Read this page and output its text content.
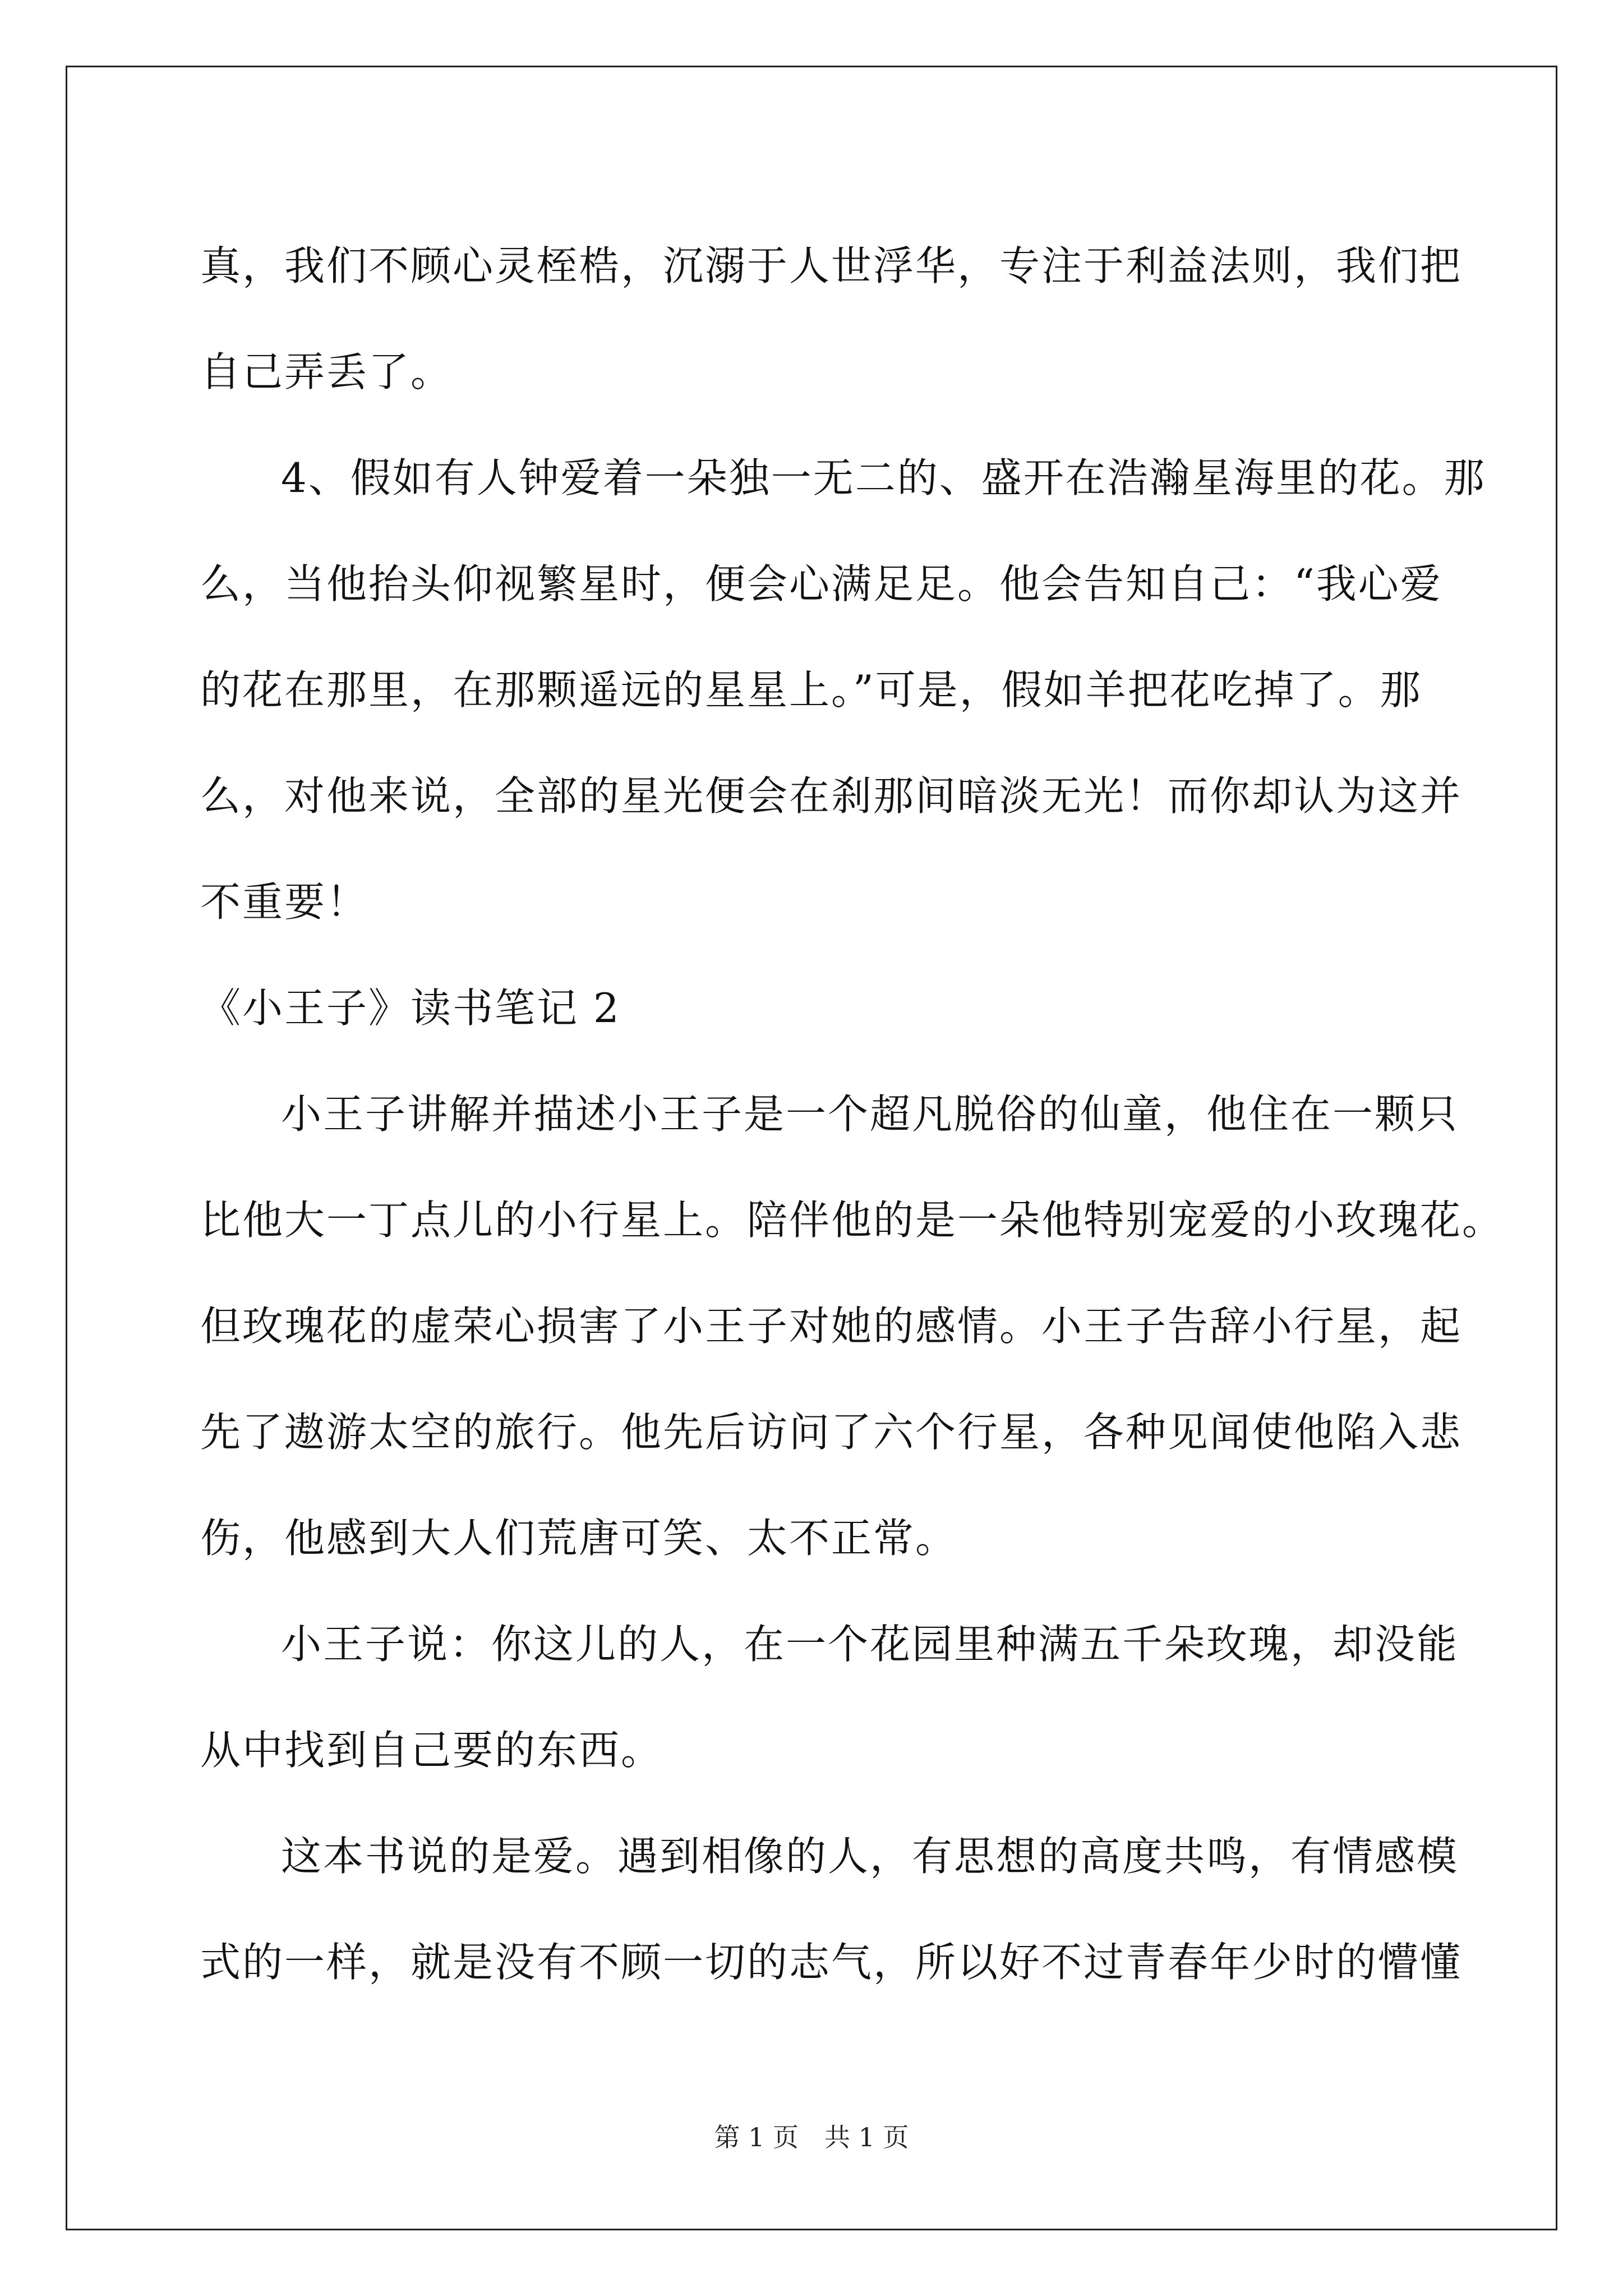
真，我们不顾心灵桎梏，沉溺于人世浮华，专注于利益法则，我们把
自己弄丢了。
4、假如有人钟爱着一朵独一无二的、盛开在浩瀚星海里的花。那
么，当他抬头仰视繁星时，便会心满足足。他会告知自己：“我心爱
的花在那里，在那颗遥远的星星上。”可是，假如羊把花吃掉了。那
么，对他来说，全部的星光便会在刹那间暗淡无光！而你却认为这并
不重要！
《小王子》读书笔记 2
小王子讲解并描述小王子是一个超凡脱俗的仙童，他住在一颗只
比他大一丁点儿的小行星上。陪伴他的是一朵他特别宠爱的小玫瑰花。
但玫瑰花的虚荣心损害了小王子对她的感情。小王子告辞小行星，起
先了遨游太空的旅行。他先后访问了六个行星，各种见闻使他陷入悲
伤，他感到大人们荒唐可笑、太不正常。
小王子说：你这儿的人，在一个花园里种满五千朵玫瑰，却没能
从中找到自己要的东西。
这本书说的是爱。遇到相像的人，有思想的高度共鸣，有情感模
式的一样，就是没有不顾一切的志气，所以好不过青春年少时的懵懂
第 1 页　共 1 页
